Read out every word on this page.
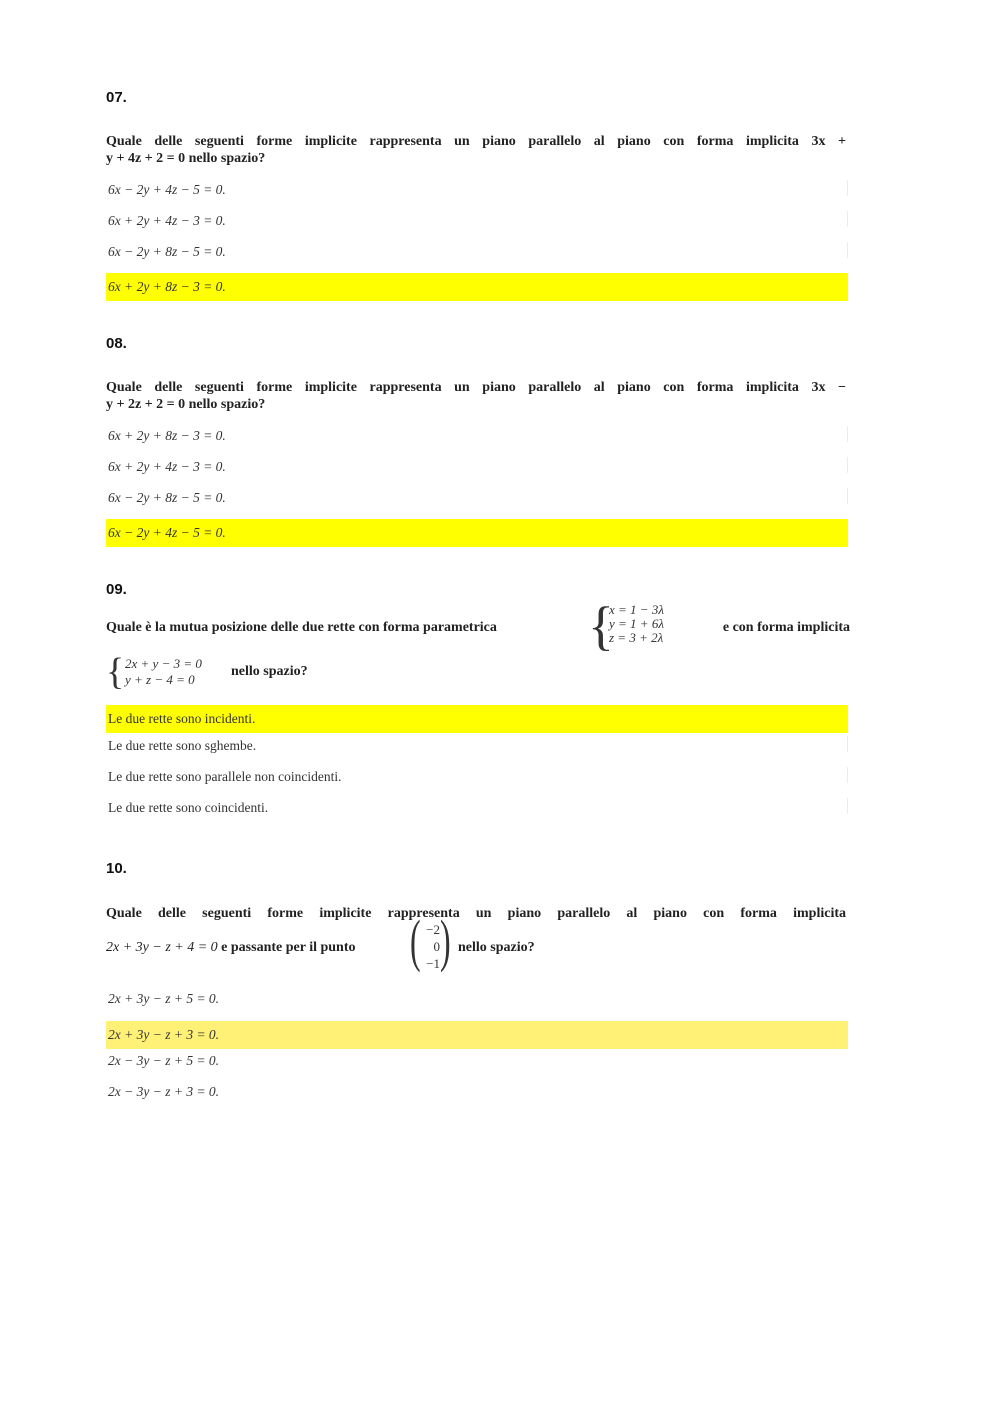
07.
Quale delle seguenti forme implicite rappresenta un piano parallelo al piano con forma implicita 3x +
y + 4z + 2 = 0 nello spazio?
6x − 2y + 4z − 5 = 0.
6x + 2y + 4z − 3 = 0.
6x − 2y + 8z − 5 = 0.
6x + 2y + 8z − 3 = 0.
08.
Quale delle seguenti forme implicite rappresenta un piano parallelo al piano con forma implicita 3x −
y + 2z + 2 = 0 nello spazio?
6x + 2y + 8z − 3 = 0.
6x + 2y + 4z − 3 = 0.
6x − 2y + 8z − 5 = 0.
6x − 2y + 4z − 5 = 0.
09.
Quale è la mutua posizione delle due rette con forma parametrica	{
x = 1 − 3λ
y = 1 + 6λ
z = 3 + 2λ
e con forma implicita
{ 2x + y − 3 = 0
y + z − 4 = 0
nello spazio?
Le due rette sono incidenti.
Le due rette sono sghembe.
Le due rette sono parallele non coincidenti.
Le due rette sono coincidenti.
10.
Quale delle seguenti forme implicite rappresenta un piano parallelo al piano con forma implicita
2x + 3y − z + 4 = 0 e passante per il punto ( −2
0
−1 ) nello spazio?
2x + 3y − z + 5 = 0.
2x + 3y − z + 3 = 0.
2x − 3y − z + 5 = 0.
2x − 3y − z + 3 = 0.
